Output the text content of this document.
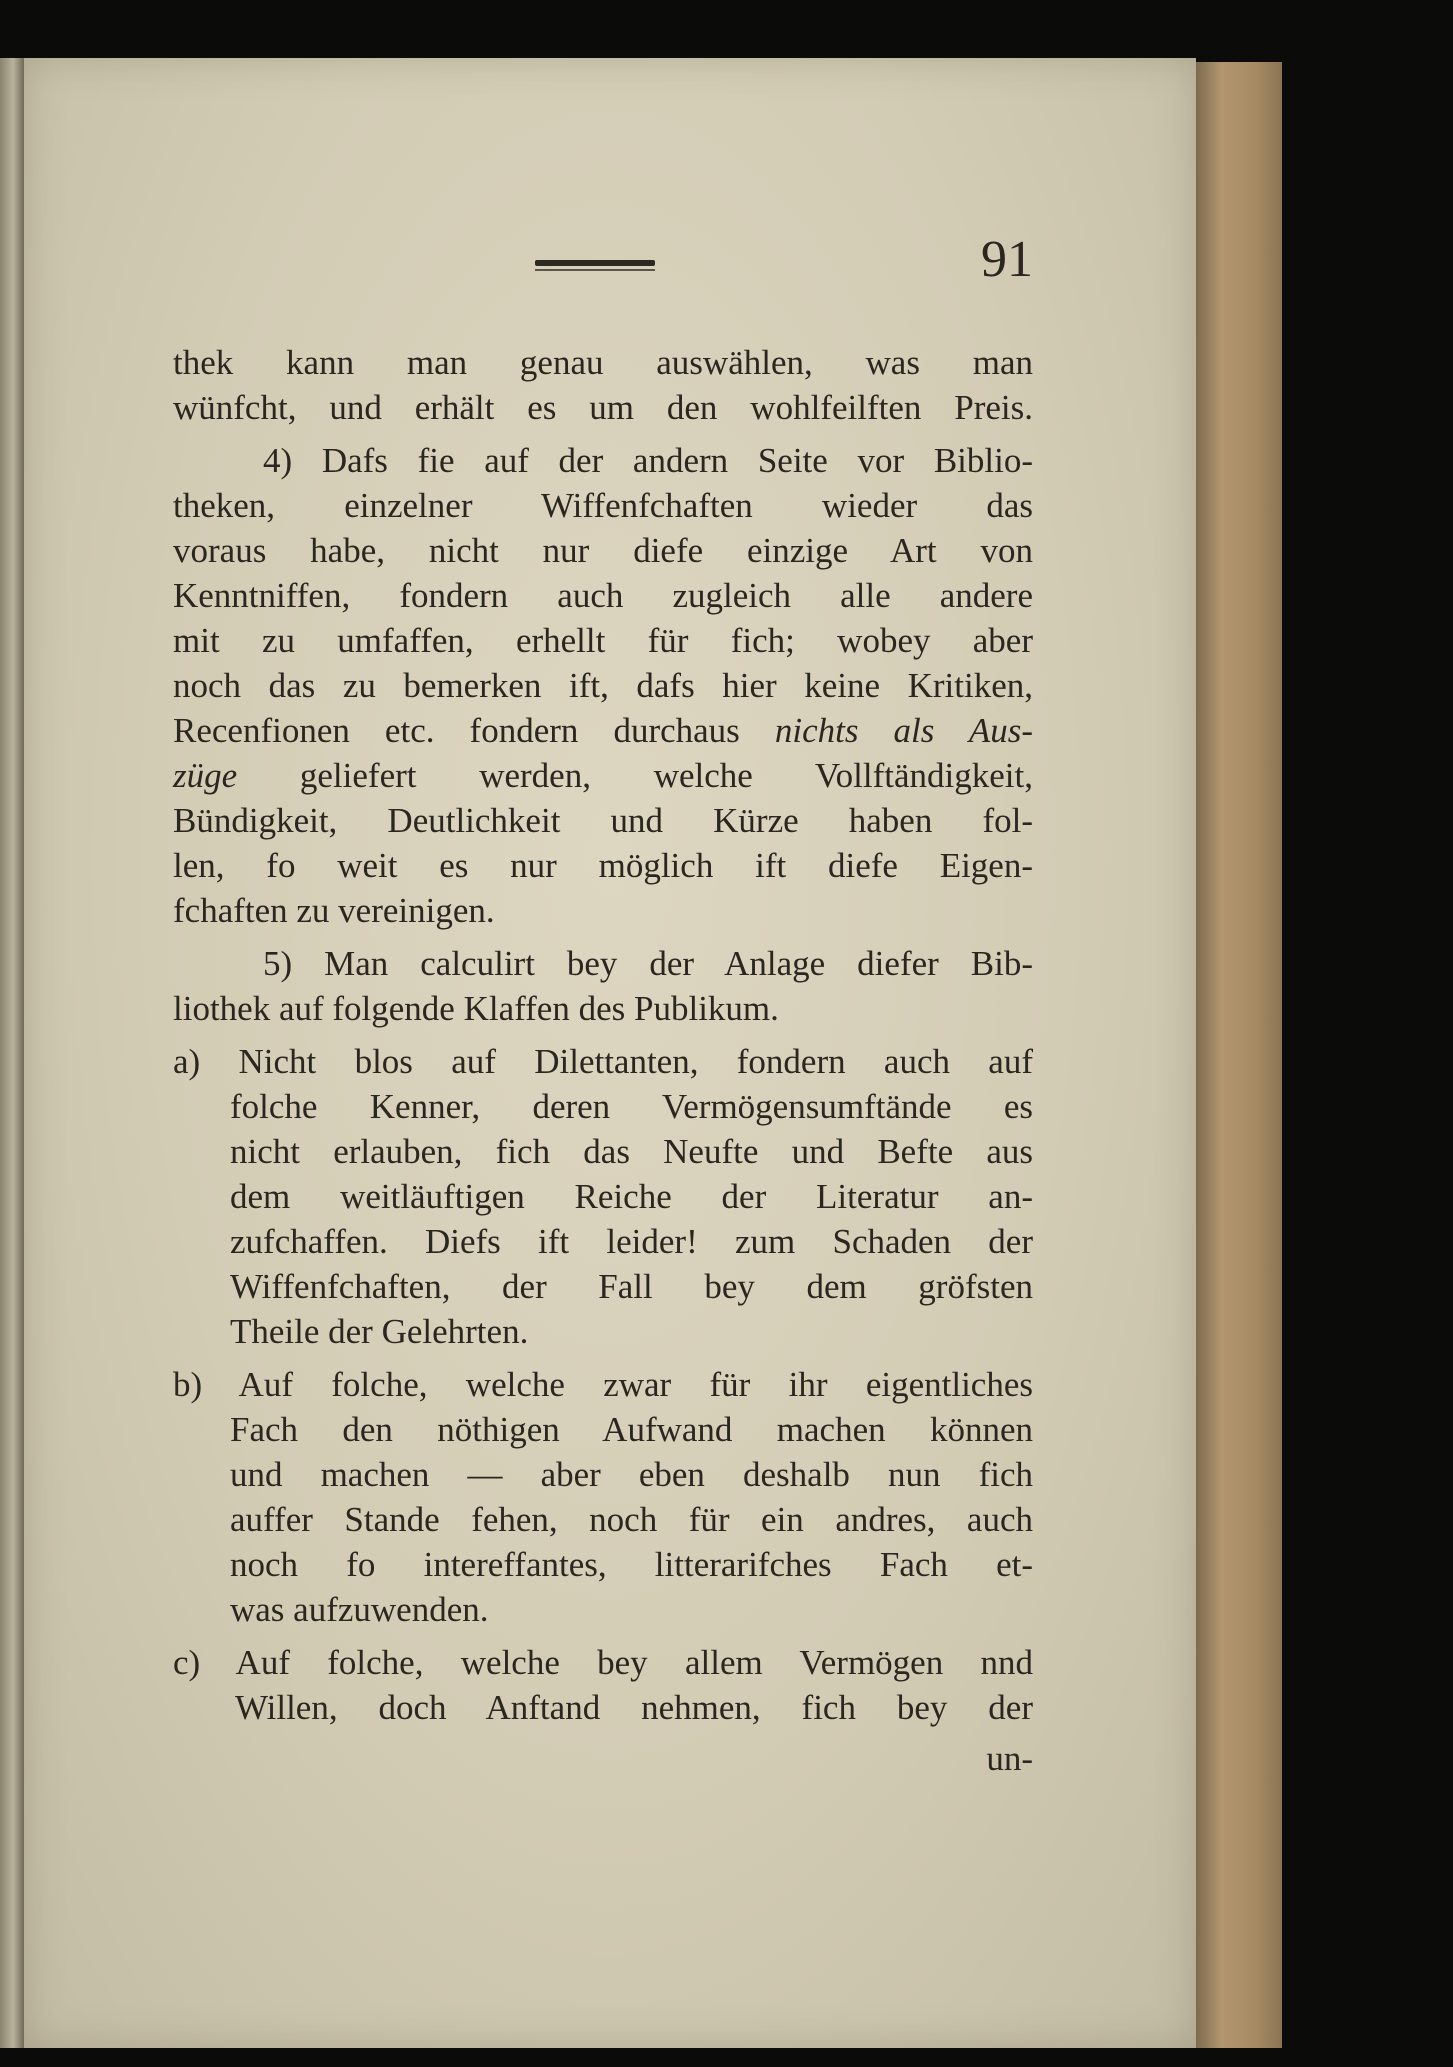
91
thek kann man genau auswählen, was man
wünfcht, und erhält es um den wohlfeilften Preis.
4) Dafs fie auf der andern Seite vor Biblio-
theken, einzelner Wiffenfchaften wieder das
voraus habe, nicht nur diefe einzige Art von
Kenntniffen, fondern auch zugleich alle andere
mit zu umfaffen, erhellt für fich; wobey aber
noch das zu bemerken ift, dafs hier keine Kritiken,
Recenfionen etc. fondern durchaus nichts als Aus-
züge geliefert werden, welche Vollftändigkeit,
Bündigkeit, Deutlichkeit und Kürze haben fol-
len, fo weit es nur möglich ift diefe Eigen-
fchaften zu vereinigen.
5) Man calculirt bey der Anlage diefer Bib-
liothek auf folgende Klaffen des Publikum.
a) Nicht blos auf Dilettanten, fondern auch auf
folche Kenner, deren Vermögensumftände es
nicht erlauben, fich das Neufte und Befte aus
dem weitläuftigen Reiche der Literatur an-
zufchaffen. Diefs ift leider! zum Schaden der
Wiffenfchaften, der Fall bey dem gröfsten
Theile der Gelehrten.
b) Auf folche, welche zwar für ihr eigentliches
Fach den nöthigen Aufwand machen können
und machen — aber eben deshalb nun fich
auffer Stande fehen, noch für ein andres, auch
noch fo intereffantes, litterarifches Fach et-
was aufzuwenden.
c) Auf folche, welche bey allem Vermögen nnd
Willen, doch Anftand nehmen, fich bey der
un-
